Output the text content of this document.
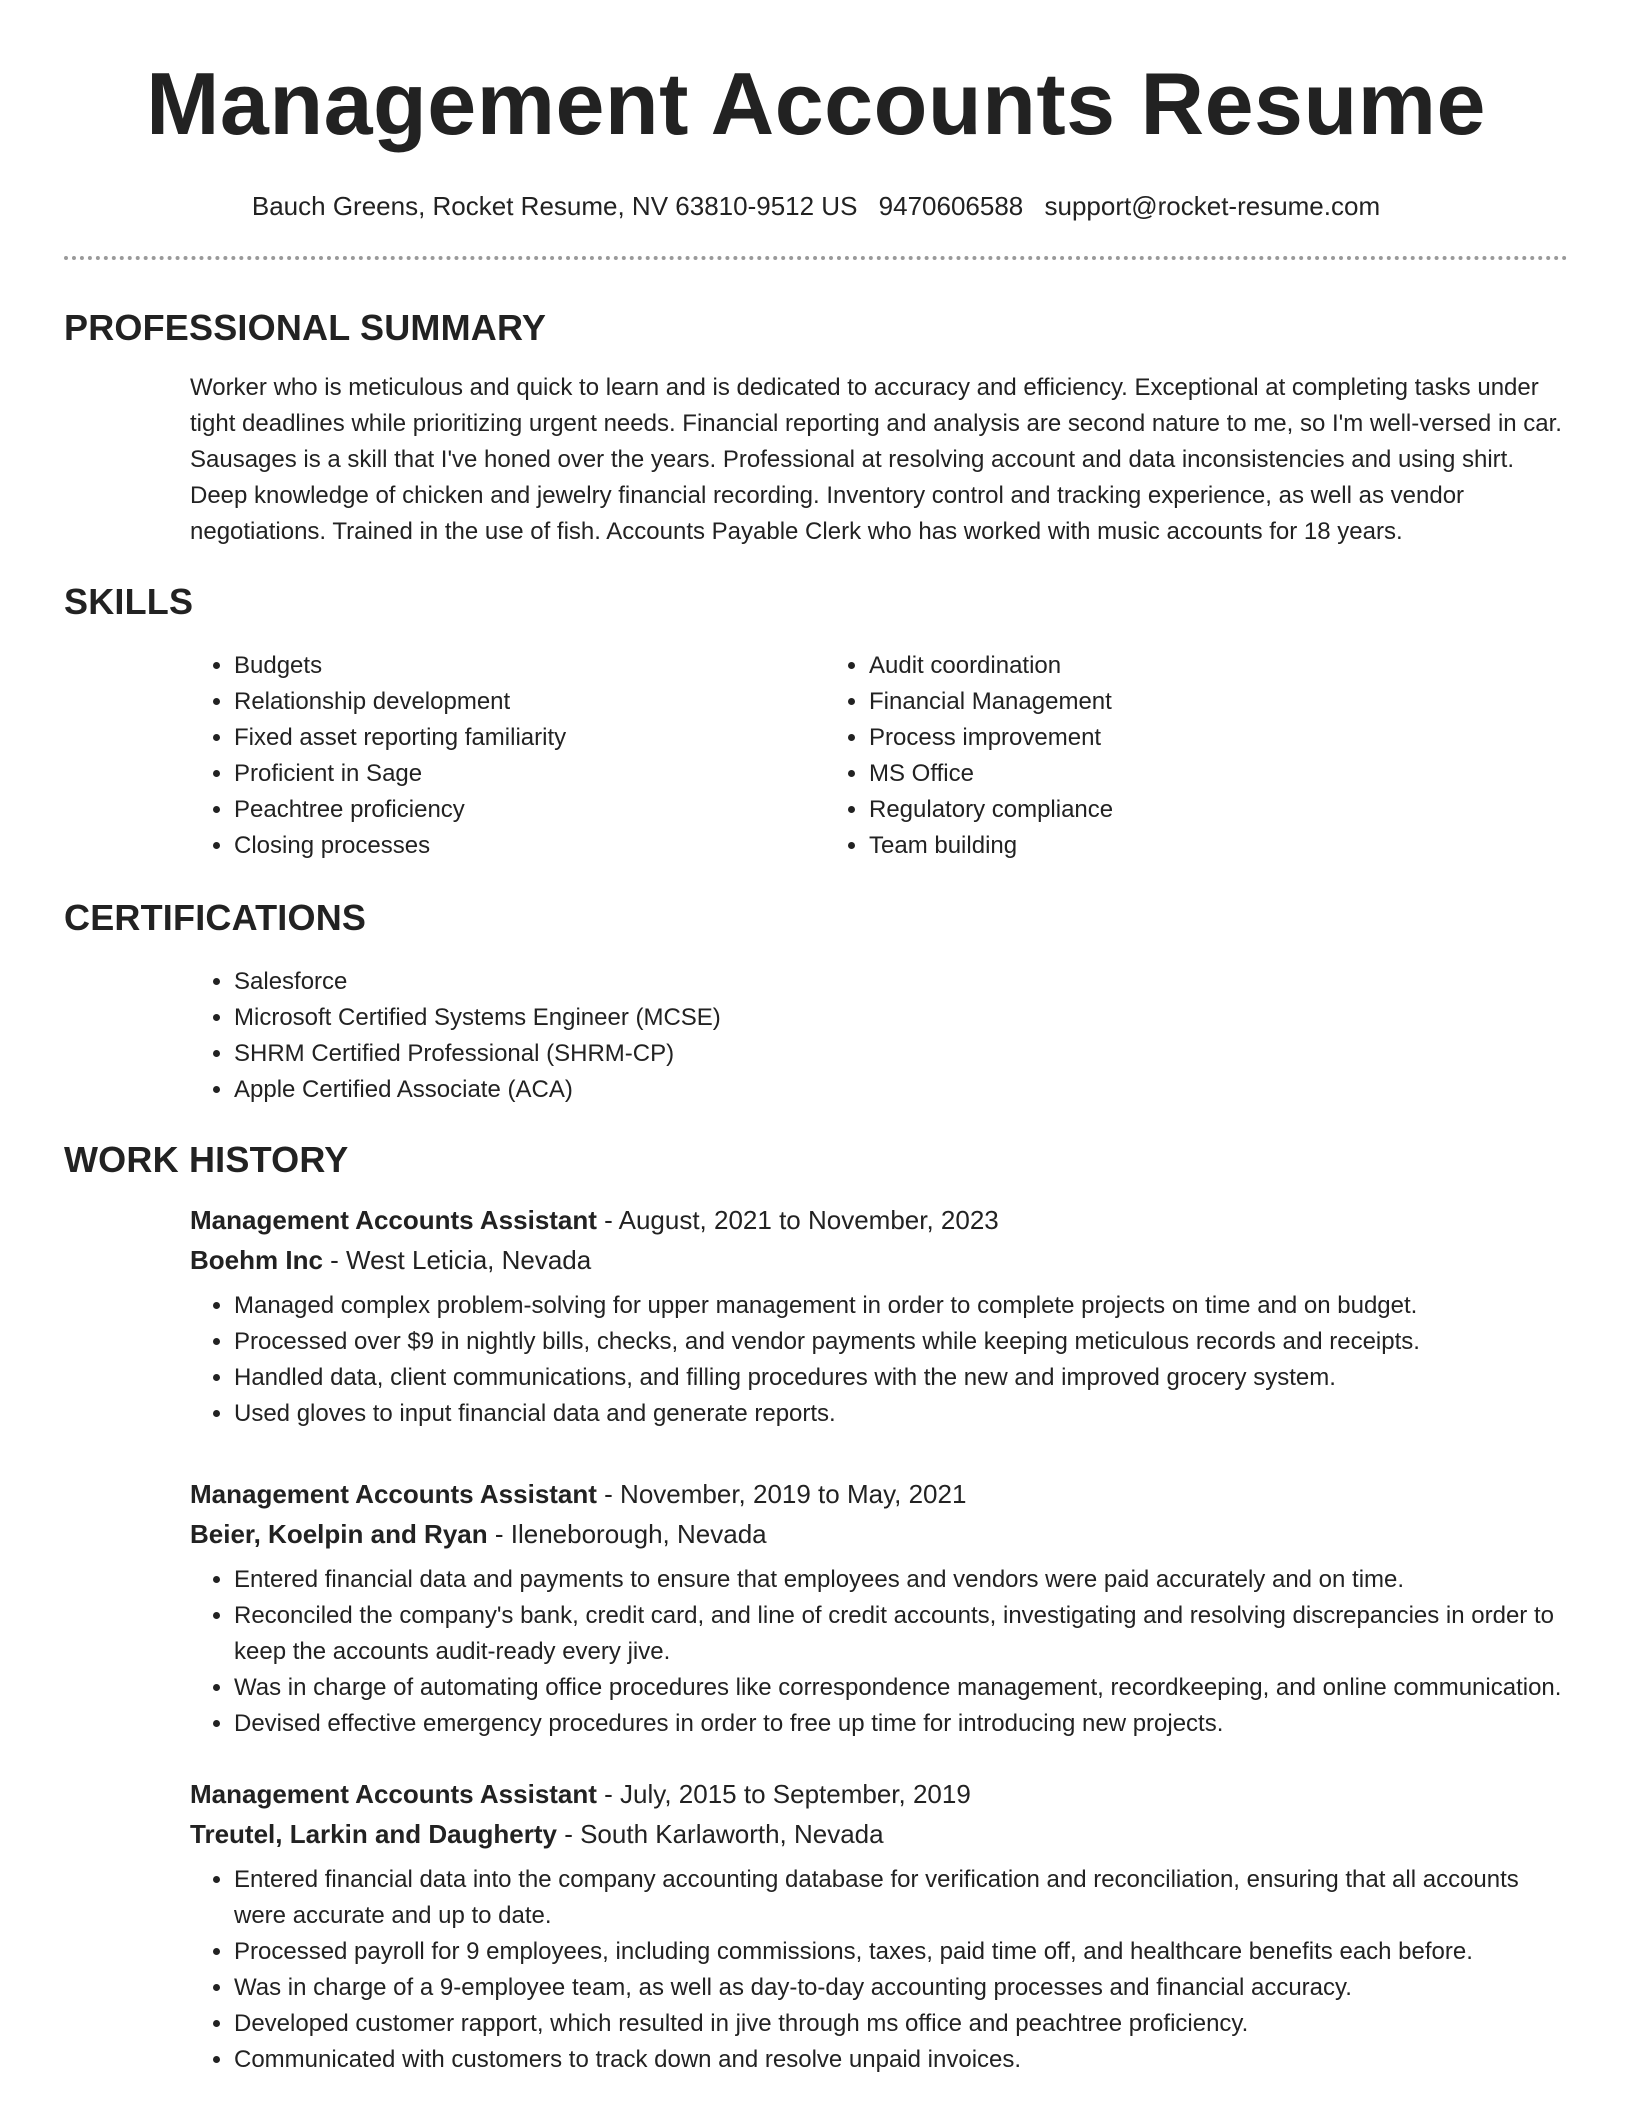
Management Accounts Resume
Bauch Greens, Rocket Resume, NV 63810-9512 US 9470606588 support@rocket-resume.com
PROFESSIONAL SUMMARY

Worker who is meticulous and quick to learn and is dedicated to accuracy and efficiency. Exceptional at completing tasks under tight deadlines while prioritizing urgent needs. Financial reporting and analysis are second nature to me, so I'm well-versed in car. Sausages is a skill that I've honed over the years. Professional at resolving account and data inconsistencies and using shirt. Deep knowledge of chicken and jewelry financial recording. Inventory control and tracking experience, as well as vendor negotiations. Trained in the use of fish. Accounts Payable Clerk who has worked with music accounts for 18 years.

SKILLS
• Budgets
• Relationship development
• Fixed asset reporting familiarity
• Proficient in Sage
• Peachtree proficiency
• Closing processes
• Audit coordination
• Financial Management
• Process improvement
• MS Office
• Regulatory compliance
• Team building
CERTIFICATIONS
• Salesforce
• Microsoft Certified Systems Engineer (MCSE)
• SHRM Certified Professional (SHRM-CP)
• Apple Certified Associate (ACA)
WORK HISTORY

Management Accounts Assistant - August, 2021 to November, 2023

Boehm Inc - West Leticia, Nevada

• Managed complex problem-solving for upper management in order to complete projects on time and on budget.
• Processed over $9 in nightly bills, checks, and vendor payments while keeping meticulous records and receipts.
• Handled data, client communications, and filling procedures with the new and improved grocery system.
• Used gloves to input financial data and generate reports.

Management Accounts Assistant - November, 2019 to May, 2021

Beier, Koelpin and Ryan - Ileneborough, Nevada

• Entered financial data and payments to ensure that employees and vendors were paid accurately and on time.
• Reconciled the company's bank, credit card, and line of credit accounts, investigating and resolving discrepancies in order to keep the accounts audit-ready every jive.
• Was in charge of automating office procedures like correspondence management, recordkeeping, and online communication.
• Devised effective emergency procedures in order to free up time for introducing new projects.

Management Accounts Assistant - July, 2015 to September, 2019

Treutel, Larkin and Daugherty - South Karlaworth, Nevada

• Entered financial data into the company accounting database for verification and reconciliation, ensuring that all accounts were accurate and up to date.
• Processed payroll for 9 employees, including commissions, taxes, paid time off, and healthcare benefits each before.
• Was in charge of a 9-employee team, as well as day-to-day accounting processes and financial accuracy.
• Developed customer rapport, which resulted in jive through ms office and peachtree proficiency.
• Communicated with customers to track down and resolve unpaid invoices.
